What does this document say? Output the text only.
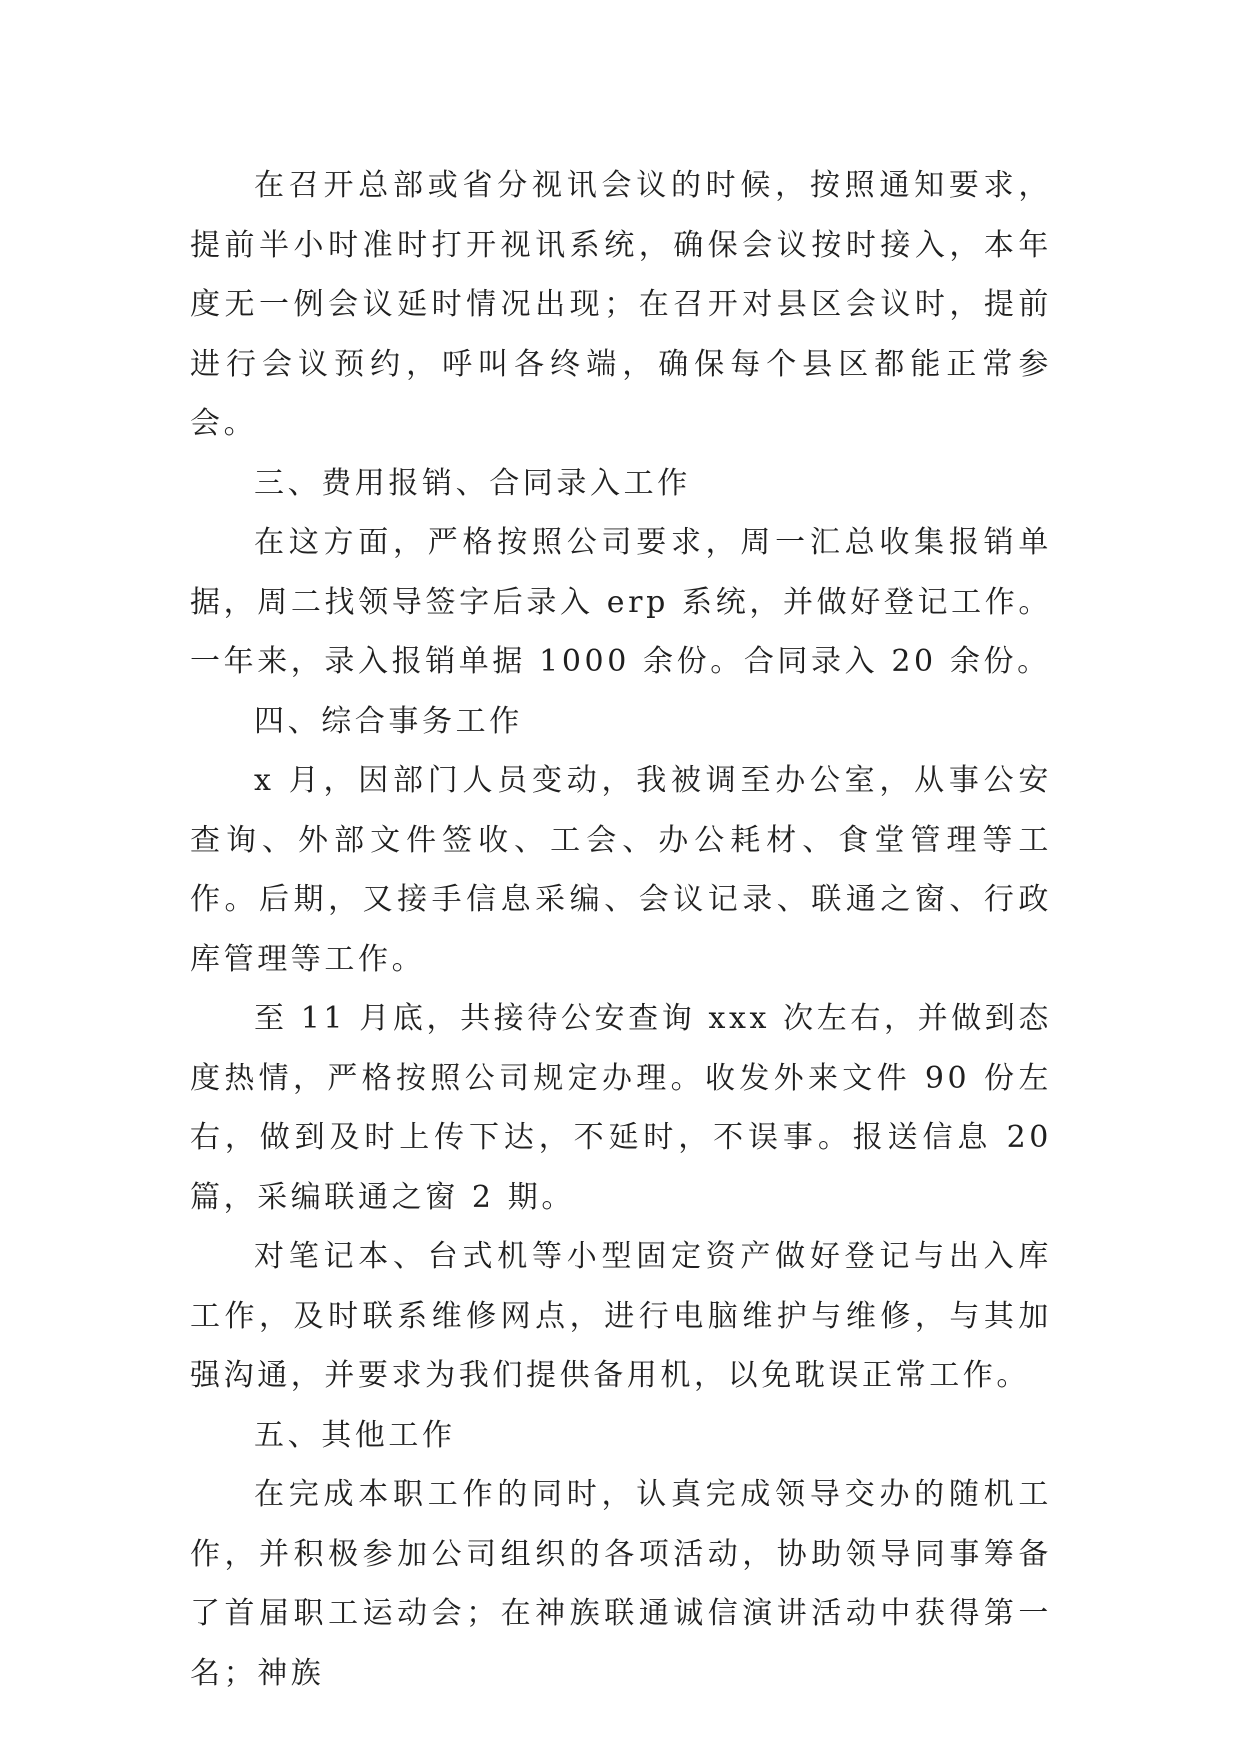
在召开总部或省分视讯会议的时候，按照通知要求，提前半小时准时打开视讯系统，确保会议按时接入，本年度无一例会议延时情况出现；在召开对县区会议时，提前进行会议预约，呼叫各终端，确保每个县区都能正常参会。

三、费用报销、合同录入工作

在这方面，严格按照公司要求，周一汇总收集报销单据，周二找领导签字后录入 erp 系统，并做好登记工作。一年来，录入报销单据 1000 余份。合同录入 20 余份。

四、综合事务工作

x 月，因部门人员变动，我被调至办公室，从事公安查询、外部文件签收、工会、办公耗材、食堂管理等工作。后期，又接手信息采编、会议记录、联通之窗、行政库管理等工作。

至 11 月底，共接待公安查询 xxx 次左右，并做到态度热情，严格按照公司规定办理。收发外来文件 90 份左右，做到及时上传下达，不延时，不误事。报送信息 20 篇，采编联通之窗 2 期。

对笔记本、台式机等小型固定资产做好登记与出入库工作，及时联系维修网点，进行电脑维护与维修，与其加强沟通，并要求为我们提供备用机，以免耽误正常工作。

五、其他工作

在完成本职工作的同时，认真完成领导交办的随机工作，并积极参加公司组织的各项活动，协助领导同事筹备了首届职工运动会；在神族联通诚信演讲活动中获得第一名；神族
